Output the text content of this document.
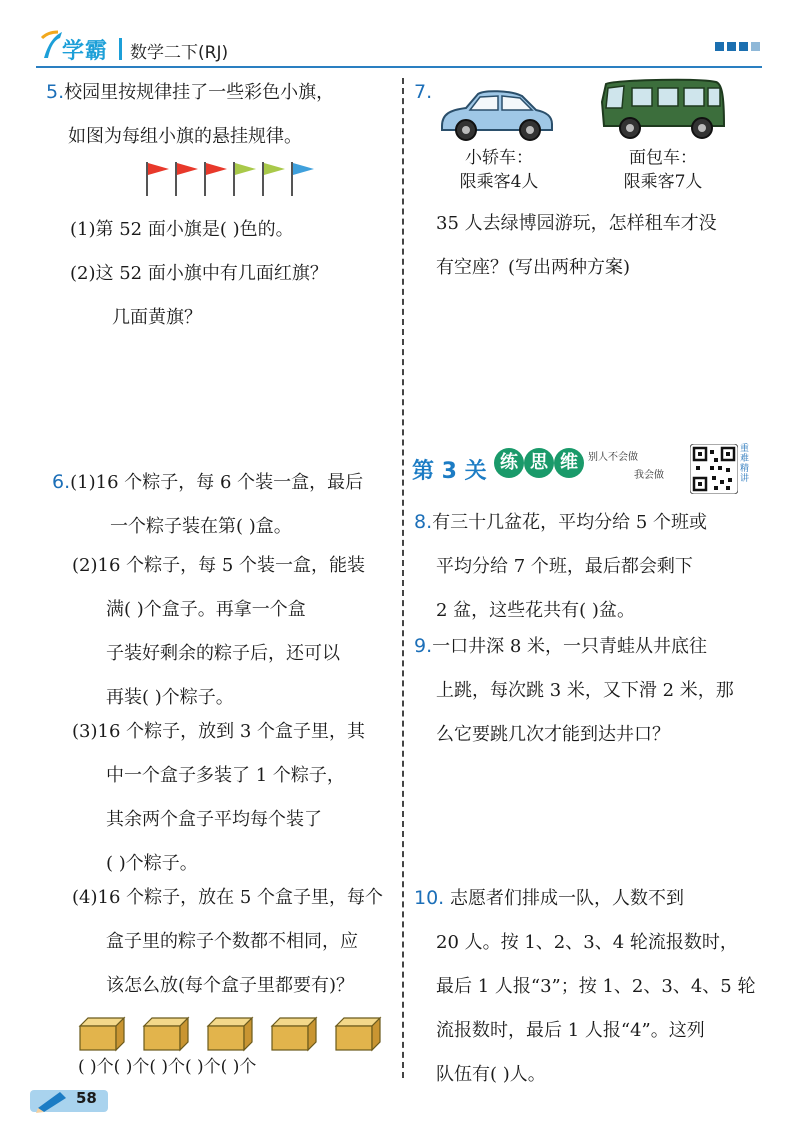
学霸 数学二下(RJ)
5.校园里按规律挂了一些彩色小旗，
如图为每组小旗的悬挂规律。
(1)第 52 面小旗是( )色的。
(2)这 52 面小旗中有几面红旗？
几面黄旗？
6.(1)16 个粽子，每 6 个装一盒，最后
一个粽子装在第( )盒。
(2)16 个粽子，每 5 个装一盒，能装
满( )个盒子。再拿一个盒
子装好剩余的粽子后，还可以
再装( )个粽子。
(3)16 个粽子，放到 3 个盒子里，其
中一个盒子多装了 1 个粽子，
其余两个盒子平均每个装了
( )个粽子。
(4)16 个粽子，放在 5 个盒子里，每个
盒子里的粽子个数都不相同，应
该怎么放(每个盒子里都要有)？
( )个( )个( )个( )个( )个
7.
小轿车：
限乘客4人
面包车：
限乘客7人
35 人去绿博园游玩，怎样租车才没
有空座？(写出两种方案)
第 3 关 练 思 维	别人不会做
我会做
重难精讲
8.有三十几盆花，平均分给 5 个班或
平均分给 7 个班，最后都会剩下
2 盆，这些花共有( )盆。
9.一口井深 8 米，一只青蛙从井底往
上跳，每次跳 3 米，又下滑 2 米，那
么它要跳几次才能到达井口？
10. 志愿者们排成一队，人数不到
20 人。按 1、2、3、4 轮流报数时，
最后 1 人报“3”；按 1、2、3、4、5 轮
流报数时，最后 1 人报“4”。这列
队伍有( )人。
58
